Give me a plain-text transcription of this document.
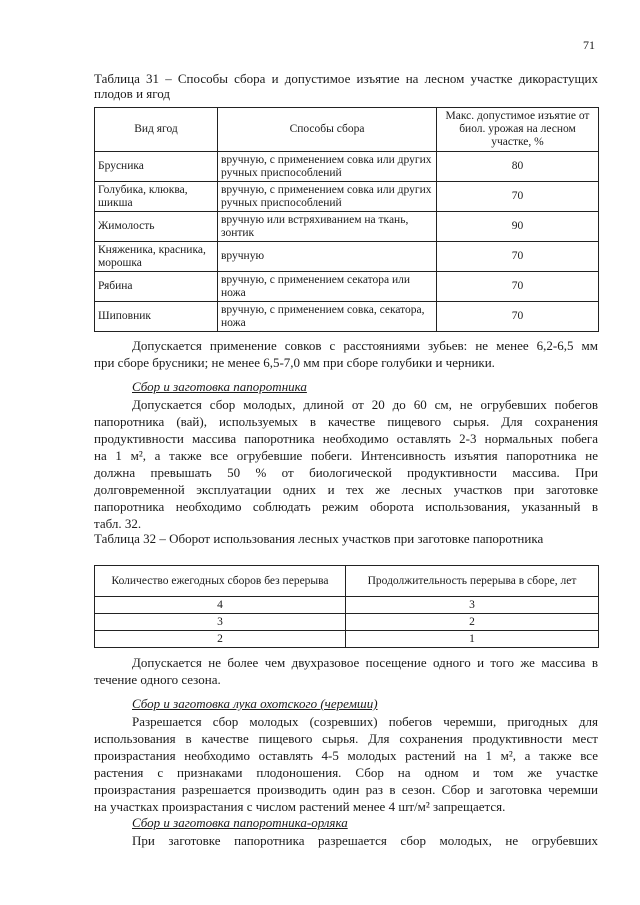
71
Таблица 31 – Способы сбора и допустимое изъятие на лесном участке дикорастущих плодов и ягод
Вид ягод	Способы сбора	Макс. допустимое изъятие от биол. урожая на лесном участке, %
Брусника	вручную, с применением совка или других ручных приспособлений	80
Голубика, клюква, шикша	вручную, с применением совка или других ручных приспособлений	70
Жимолость	вручную или встряхиванием на ткань, зонтик	90
Княженика, красника, морошка	вручную	70
Рябина	вручную, с применением секатора или ножа	70
Шиповник	вручную, с применением совка, секатора, ножа	70
Допускается применение совков с расстояниями зубьев: не менее 6,2-6,5 мм
при сборе брусники; не менее 6,5-7,0 мм при сборе голубики и черники.
Сбор и заготовка папоротника
Допускается сбор молодых, длиной от 20 до 60 см, не огрубевших побегов
папоротника (вай), используемых в качестве пищевого сырья. Для сохранения
продуктивности массива папоротника необходимо оставлять 2-3 нормальных побега
на 1 м², а также все огрубевшие побеги. Интенсивность изъятия папоротника не
должна превышать 50 % от биологической продуктивности массива. При
долговременной эксплуатации одних и тех же лесных участков при заготовке
папоротника необходимо соблюдать режим оборота использования, указанный в
табл. 32.
Таблица 32 – Оборот использования лесных участков при заготовке папоротника
Количество ежегодных сборов без перерыва	Продолжительность перерыва в сборе, лет
4	3
3	2
2	1
Допускается не более чем двухразовое посещение одного и того же массива в
течение одного сезона.
Сбор и заготовка лука охотского (черемши)
Разрешается сбор молодых (созревших) побегов черемши, пригодных для
использования в качестве пищевого сырья. Для сохранения продуктивности мест
произрастания необходимо оставлять 4-5 молодых растений на 1 м², а также все
растения с признаками плодоношения. Сбор на одном и том же участке
произрастания разрешается производить один раз в сезон. Сбор и заготовка черемши
на участках произрастания с числом растений менее 4 шт/м² запрещается.
Сбор и заготовка папоротника-орляка
При заготовке папоротника разрешается сбор молодых, не огрубевших
